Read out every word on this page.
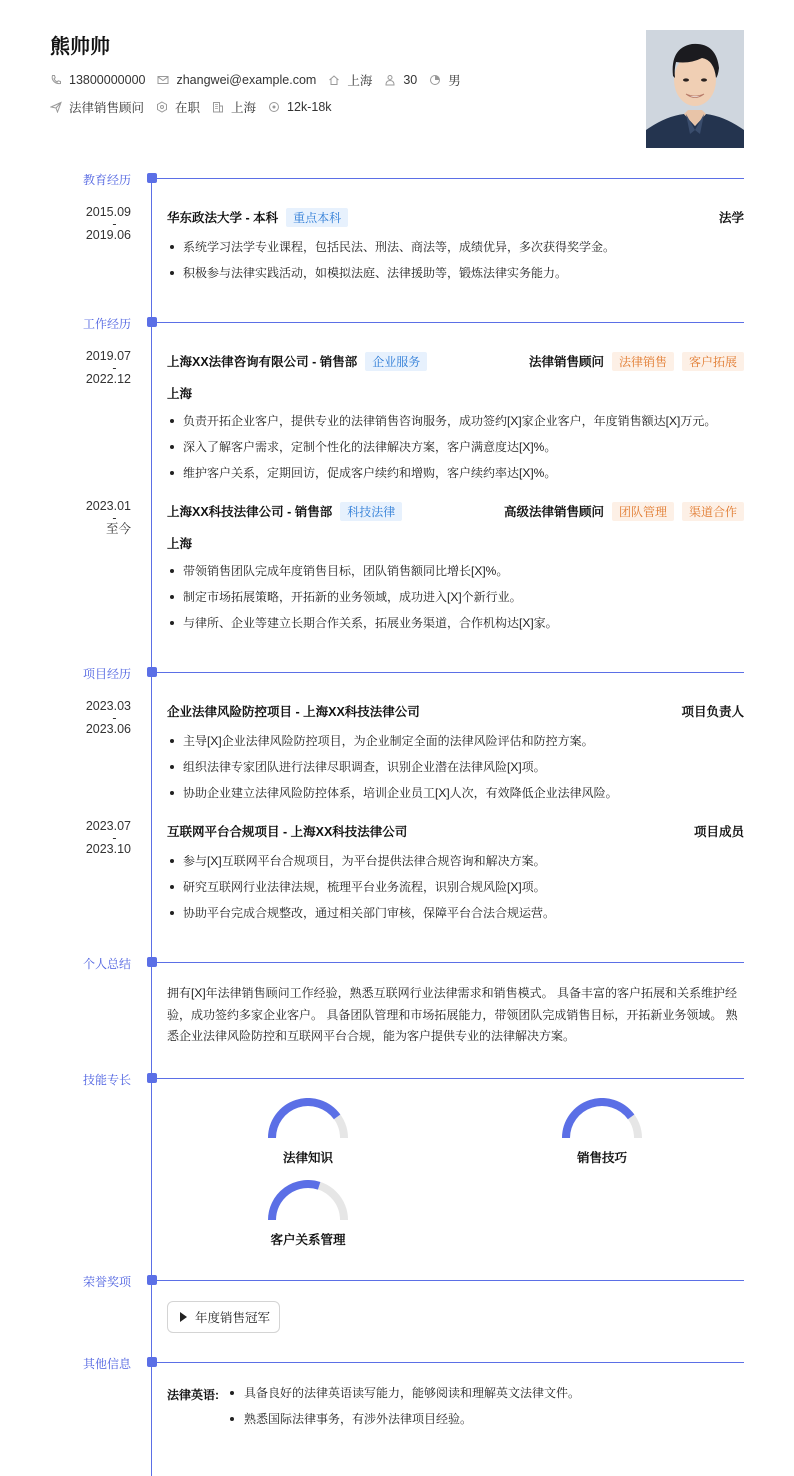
熊帅帅
13800000000 zhangwei@example.com 上海 30 男
法律销售顾问 在职 上海 12k-18k
教育经历
2015.09
-
2019.06
华东政法大学 - 本科	重点本科	法学
系统学习法学专业课程，包括民法、刑法、商法等，成绩优异，多次获得奖学金。
积极参与法律实践活动，如模拟法庭、法律援助等，锻炼法律实务能力。
工作经历
2019.07
-
2022.12
上海XX法律咨询有限公司 - 销售部	企业服务	法律销售顾问	法律销售	客户拓展
上海
负责开拓企业客户，提供专业的法律销售咨询服务，成功签约[X]家企业客户，年度销售额达[X]万元。
深入了解客户需求，定制个性化的法律解决方案，客户满意度达[X]%。
维护客户关系，定期回访，促成客户续约和增购，客户续约率达[X]%。
2023.01
-
至今
上海XX科技法律公司 - 销售部	科技法律	高级法律销售顾问	团队管理	渠道合作
上海
带领销售团队完成年度销售目标，团队销售额同比增长[X]%。
制定市场拓展策略，开拓新的业务领域，成功进入[X]个新行业。
与律所、企业等建立长期合作关系，拓展业务渠道，合作机构达[X]家。
项目经历
2023.03
-
2023.06
企业法律风险防控项目 - 上海XX科技法律公司	项目负责人
主导[X]企业法律风险防控项目，为企业制定全面的法律风险评估和防控方案。
组织法律专家团队进行法律尽职调查，识别企业潜在法律风险[X]项。
协助企业建立法律风险防控体系，培训企业员工[X]人次，有效降低企业法律风险。
2023.07
-
2023.10
互联网平台合规项目 - 上海XX科技法律公司	项目成员
参与[X]互联网平台合规项目，为平台提供法律合规咨询和解决方案。
研究互联网行业法律法规，梳理平台业务流程，识别合规风险[X]项。
协助平台完成合规整改，通过相关部门审核，保障平台合法合规运营。
个人总结
拥有[X]年法律销售顾问工作经验，熟悉互联网行业法律需求和销售模式。 具备丰富的客户拓展和关系维护经
验，成功签约多家企业客户。 具备团队管理和市场拓展能力，带领团队完成销售目标，开拓新业务领域。 熟
悉企业法律风险防控和互联网平台合规，能为客户提供专业的法律解决方案。
技能专长
法律知识	销售技巧
客户关系管理
荣誉奖项
年度销售冠军
其他信息
法律英语:	具备良好的法律英语读写能力，能够阅读和理解英文法律文件。
熟悉国际法律事务，有涉外法律项目经验。
